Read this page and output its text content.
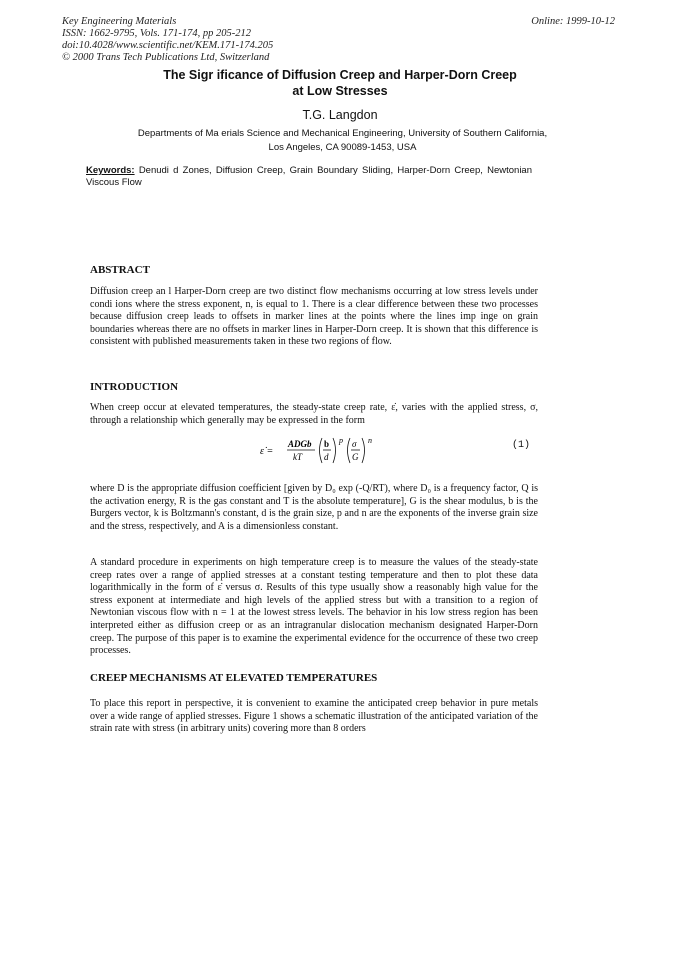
Key Engineering Materials
ISSN: 1662-9795, Vols. 171-174, pp 205-212
doi:10.4028/www.scientific.net/KEM.171-174.205
© 2000 Trans Tech Publications Ltd, Switzerland
Online: 1999-10-12
The Sigr ificance of Diffusion Creep and Harper-Dorn Creep
at Low Stresses
T.G. Langdon
Departments of Ma erials Science and Mechanical Engineering, University of Southern California,
Los Angeles, CA 90089-1453, USA
Keywords: Denudi d Zones, Diffusion Creep, Grain Boundary Sliding, Harper-Dorn Creep, Newtonian Viscous Flow
ABSTRACT
Diffusion creep an l Harper-Dorn creep are two distinct flow mechanisms occurring at low stress levels under condi ions where the stress exponent, n, is equal to 1. There is a clear difference between these two processes because diffusion creep leads to offsets in marker lines at the points where the lines imp inge on grain boundaries whereas there are no offsets in marker lines in Harper-Dorn creep. It is shown that this difference is consistent with published measurements taken in these two regions of flow.
INTRODUCTION
When creep occur at elevated temperatures, the steady-state creep rate, ε̇, varies with the applied stress, σ, through a relationship which generally may be expressed in the form
ε̇ =
ADGb
kT
b
d
p σ
G
n	(1)
where D is the appropriate diffusion coefficient [given by D₀ exp (-Q/RT), where D₀ is a frequency factor, Q is the activation energy, R is the gas constant and T is the absolute temperature], G is the shear modulus, b is the Burgers vector, k is Boltzmann's constant, d is the grain size, p and n are the exponents of the inverse grain size and the stress, respectively, and A is a dimensionless constant.
A standard procedure in experiments on high temperature creep is to measure the values of the steady-state creep rates over a range of applied stresses at a constant testing temperature and then to plot these data logarithmically in the form of ε̇ versus σ. Results of this type usually show a reasonably high value for the stress exponent at intermediate and high levels of the applied stress but with a transition to a region of Newtonian viscous flow with n = 1 at the lowest stress levels. The behavior in his low stress region has been interpreted either as diffusion creep or as an intragranular dislocation mechanism designated Harper-Dorn creep. The purpose of this paper is to examine the experimental evidence for the occurrence of these two creep processes.
CREEP MECHANISMS AT ELEVATED TEMPERATURES
To place this report in perspective, it is convenient to examine the anticipated creep behavior in pure metals over a wide range of applied stresses. Figure 1 shows a schematic illustration of the anticipated variation of the strain rate with stress (in arbitrary units) covering more than 8 orders
